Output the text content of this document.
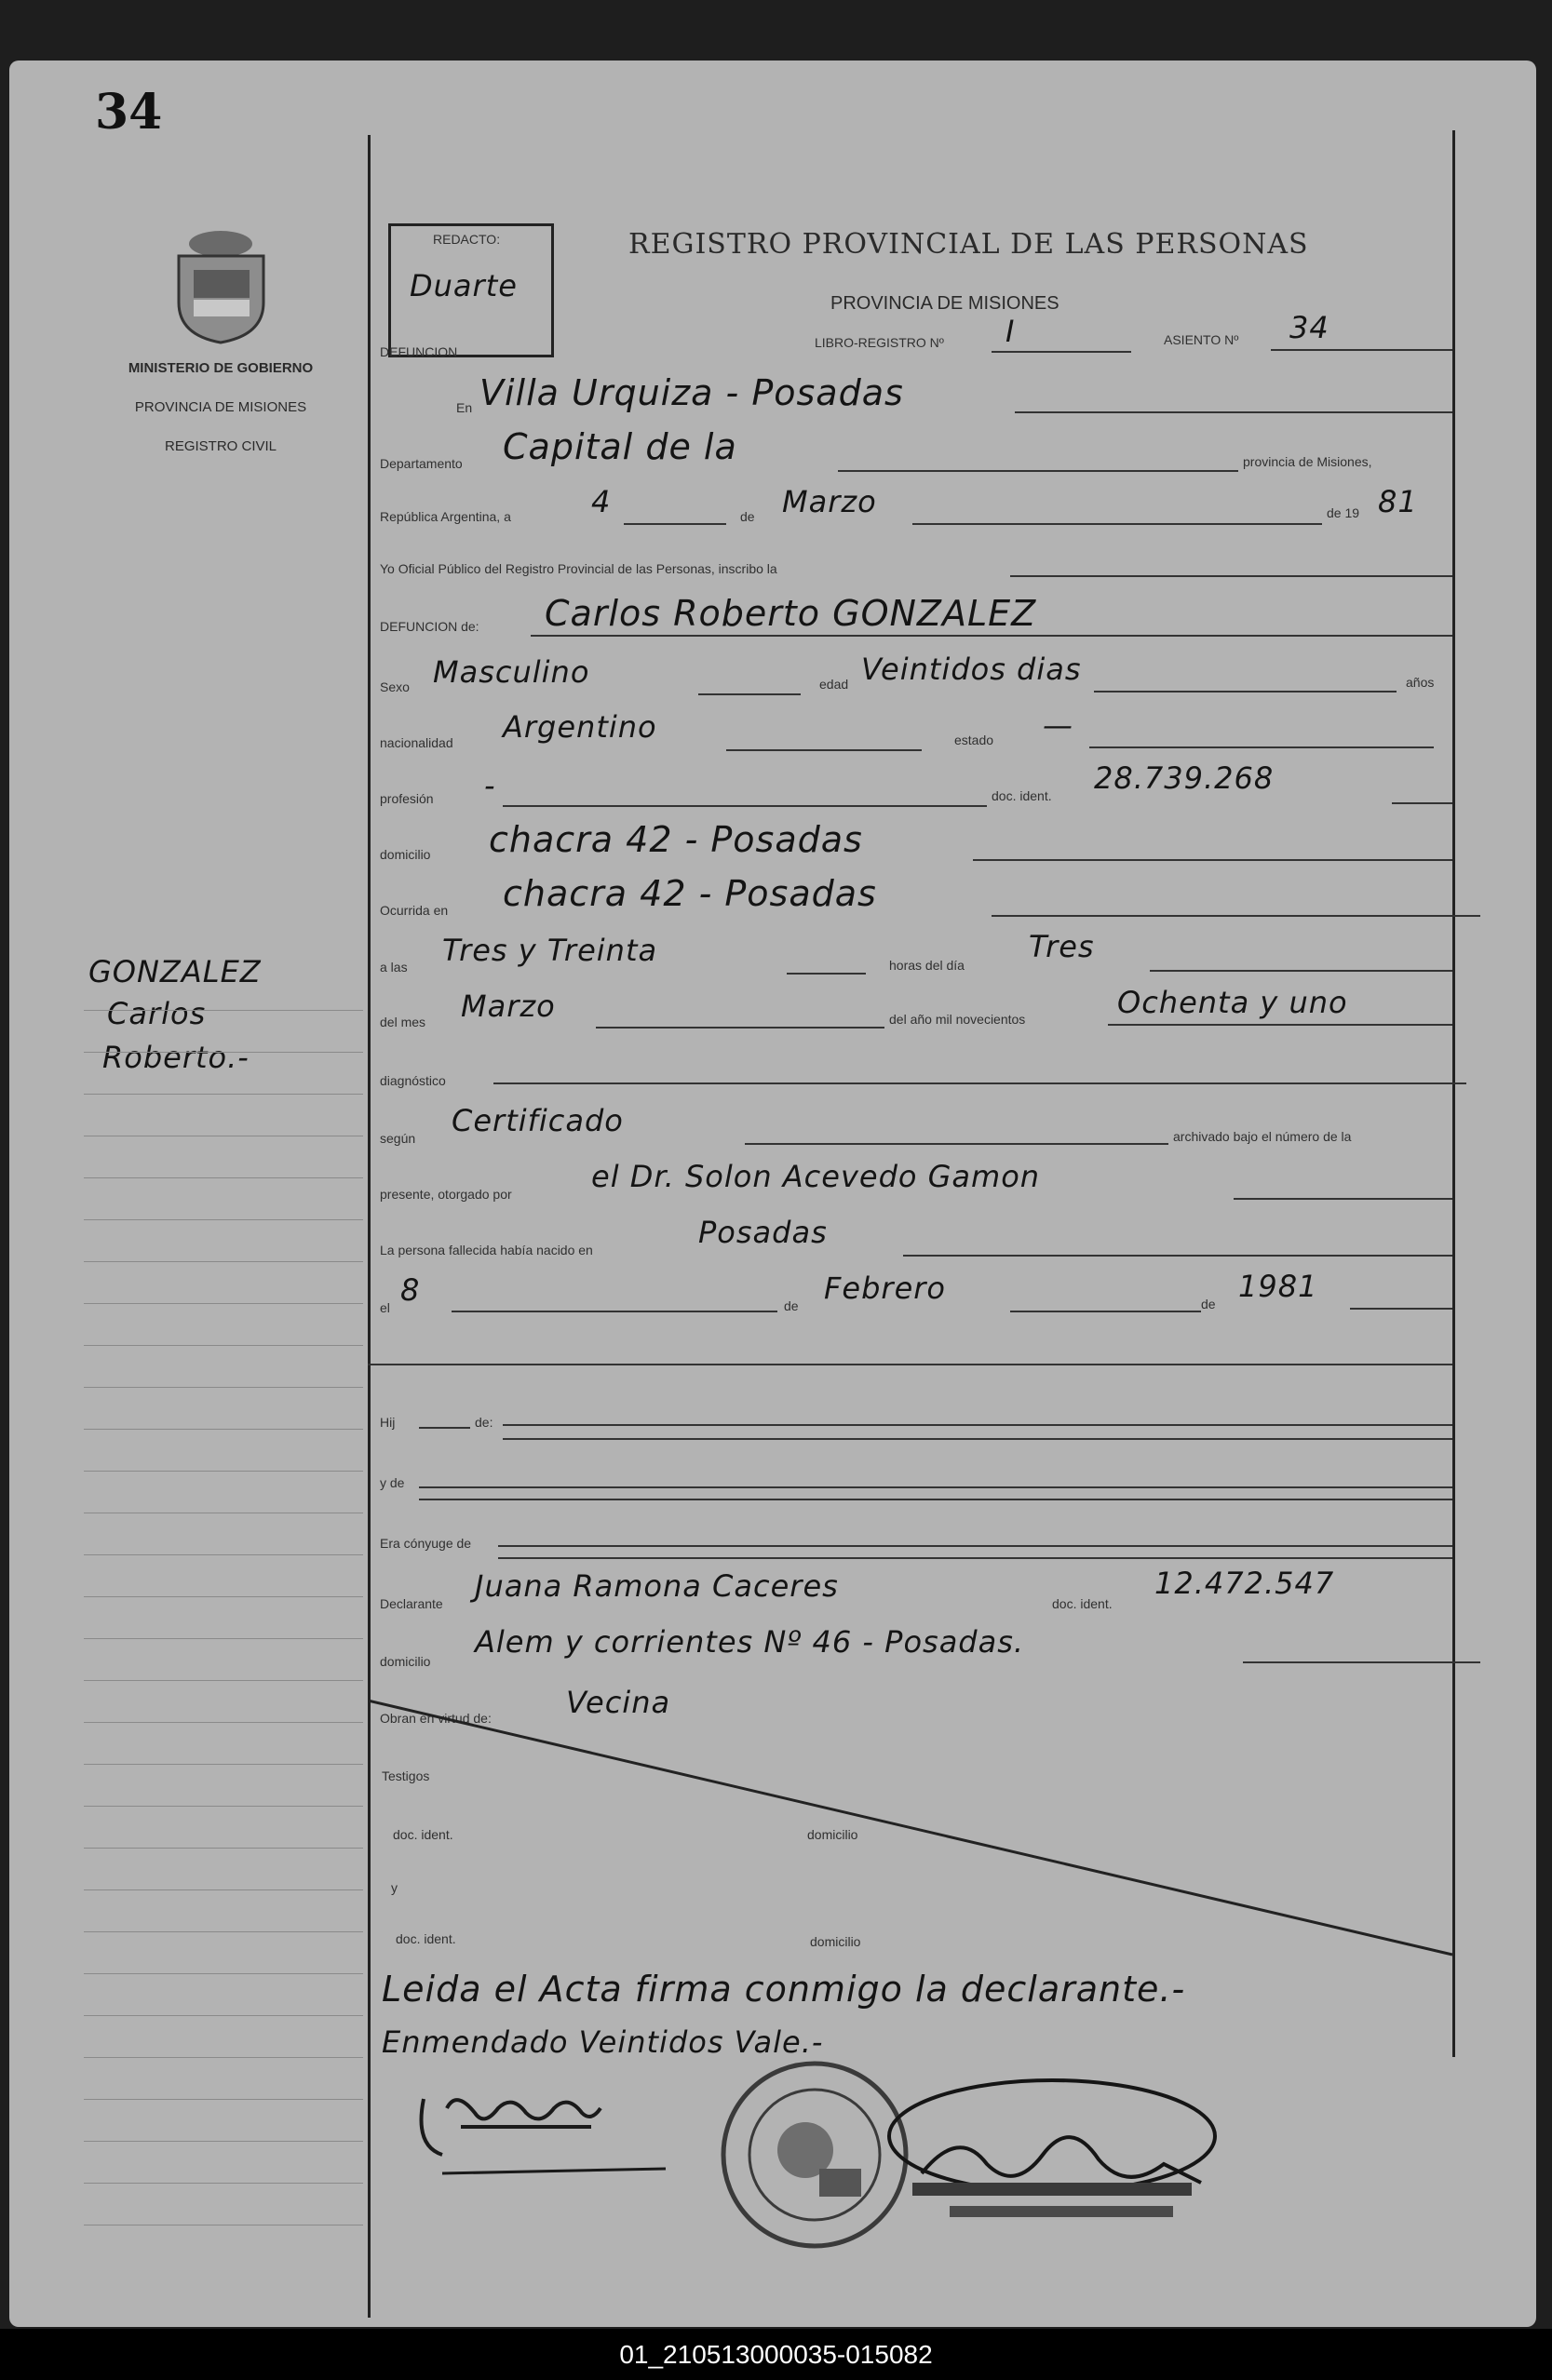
34
MINISTERIO DE GOBIERNO
PROVINCIA DE MISIONES
REGISTRO CIVIL
GONZALEZ
Carlos
Roberto.-
REDACTO:
Duarte
REGISTRO PROVINCIAL DE LAS PERSONAS
PROVINCIA DE MISIONES
DEFUNCION
LIBRO-REGISTRO Nº I	ASIENTO Nº 34
En Villa Urquiza - Posadas
Departamento Capital de la	provincia de Misiones,
República Argentina, a	4	de Marzo	de 19 81
Yo Oficial Público del Registro Provincial de las Personas, inscribo la
DEFUNCION de: Carlos Roberto GONZALEZ
Sexo Masculino	edad Veintidos dias	años
nacionalidad Argentino	estado —
profesión -	doc. ident. 28.739.268
domicilio chacra 42 - Posadas
Ocurrida en chacra 42 - Posadas
a las Tres y Treinta	horas del día
Tres
del mes Marzo	del año mil novecientos	Ochenta y uno
diagnóstico
según Certificado	archivado bajo el número de la
presente, otorgado por	el Dr. Solon Acevedo Gamon
La persona fallecida había nacido en	Posadas
el 8	de Febrero	de 1981
Hij	de:
y de
Era cónyuge de
Declarante Juana Ramona Caceres	doc. ident.
12.472.547
domicilio
Alem y corrientes Nº 46 - Posadas.
Obran en virtud de:	Vecina
Testigos
doc. ident.	domicilio
y
doc. ident.	domicilio
Leida el Acta firma conmigo la declarante.-
Enmendado Veintidos Vale.-
01_210513000035-015082
